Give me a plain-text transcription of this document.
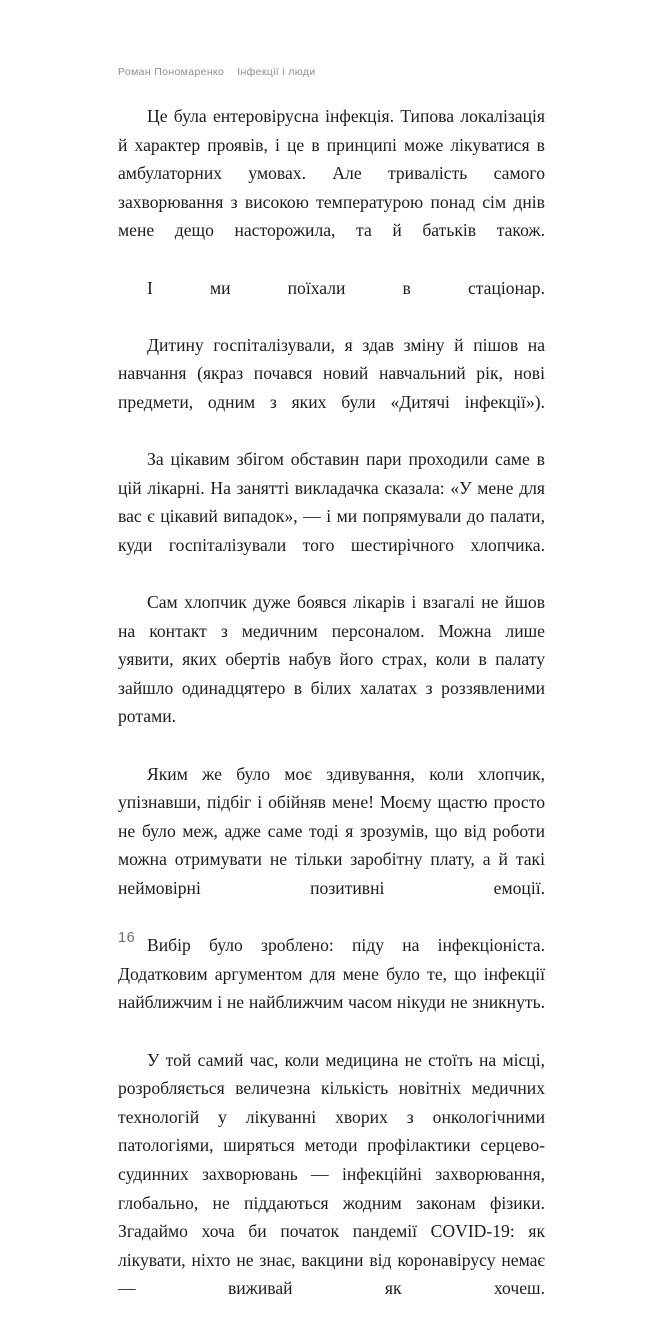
Роман Пономаренко Інфекції і люди

Це була ентеровірусна інфекція. Типова локалізація й характер проявів, і це в принципі може лікуватися в амбулаторних умовах. Але тривалість самого захворювання з високою температурою понад сім днів мене дещо насторожила, та й батьків також.

І ми поїхали в стаціонар.

Дитину госпіталізували, я здав зміну й пішов на навчання (якраз почався новий навчальний рік, нові предмети, одним з яких були «Дитячі інфекції»).

За цікавим збігом обставин пари проходили саме в цій лікарні. На занятті викладачка сказала: «У мене для вас є цікавий випадок», — і ми попрямували до палати, куди госпіталізували того шестирічного хлопчика.

Сам хлопчик дуже боявся лікарів і взагалі не йшов на контакт з медичним персоналом. Можна лише уявити, яких обертів набув його страх, коли в палату зайшло одинадцятеро в білих халатах з роззявленими ротами.

Яким же було моє здивування, коли хлопчик, упізнавши, підбіг і обійняв мене! Моєму щастю просто не було меж, адже саме тоді я зрозумів, що від роботи можна отримувати не тільки заробітну плату, а й такі неймовірні позитивні емоції.

Вибір було зроблено: піду на інфекціоніста. Додатковим аргументом для мене було те, що інфекції найближчим і не найближчим часом нікуди не зникнуть.

У той самий час, коли медицина не стоїть на місці, розробляється величезна кількість новітніх медичних технологій у лікуванні хворих з онкологічними патологіями, ширяться методи профілактики серцево-судинних захворювань — інфекційні захворювання, глобально, не піддаються жодним законам фізики. Згадаймо хоча би початок пандемії COVID-19: як лікувати, ніхто не знає, вакцини від коронавірусу немає — виживай як хочеш.

16
